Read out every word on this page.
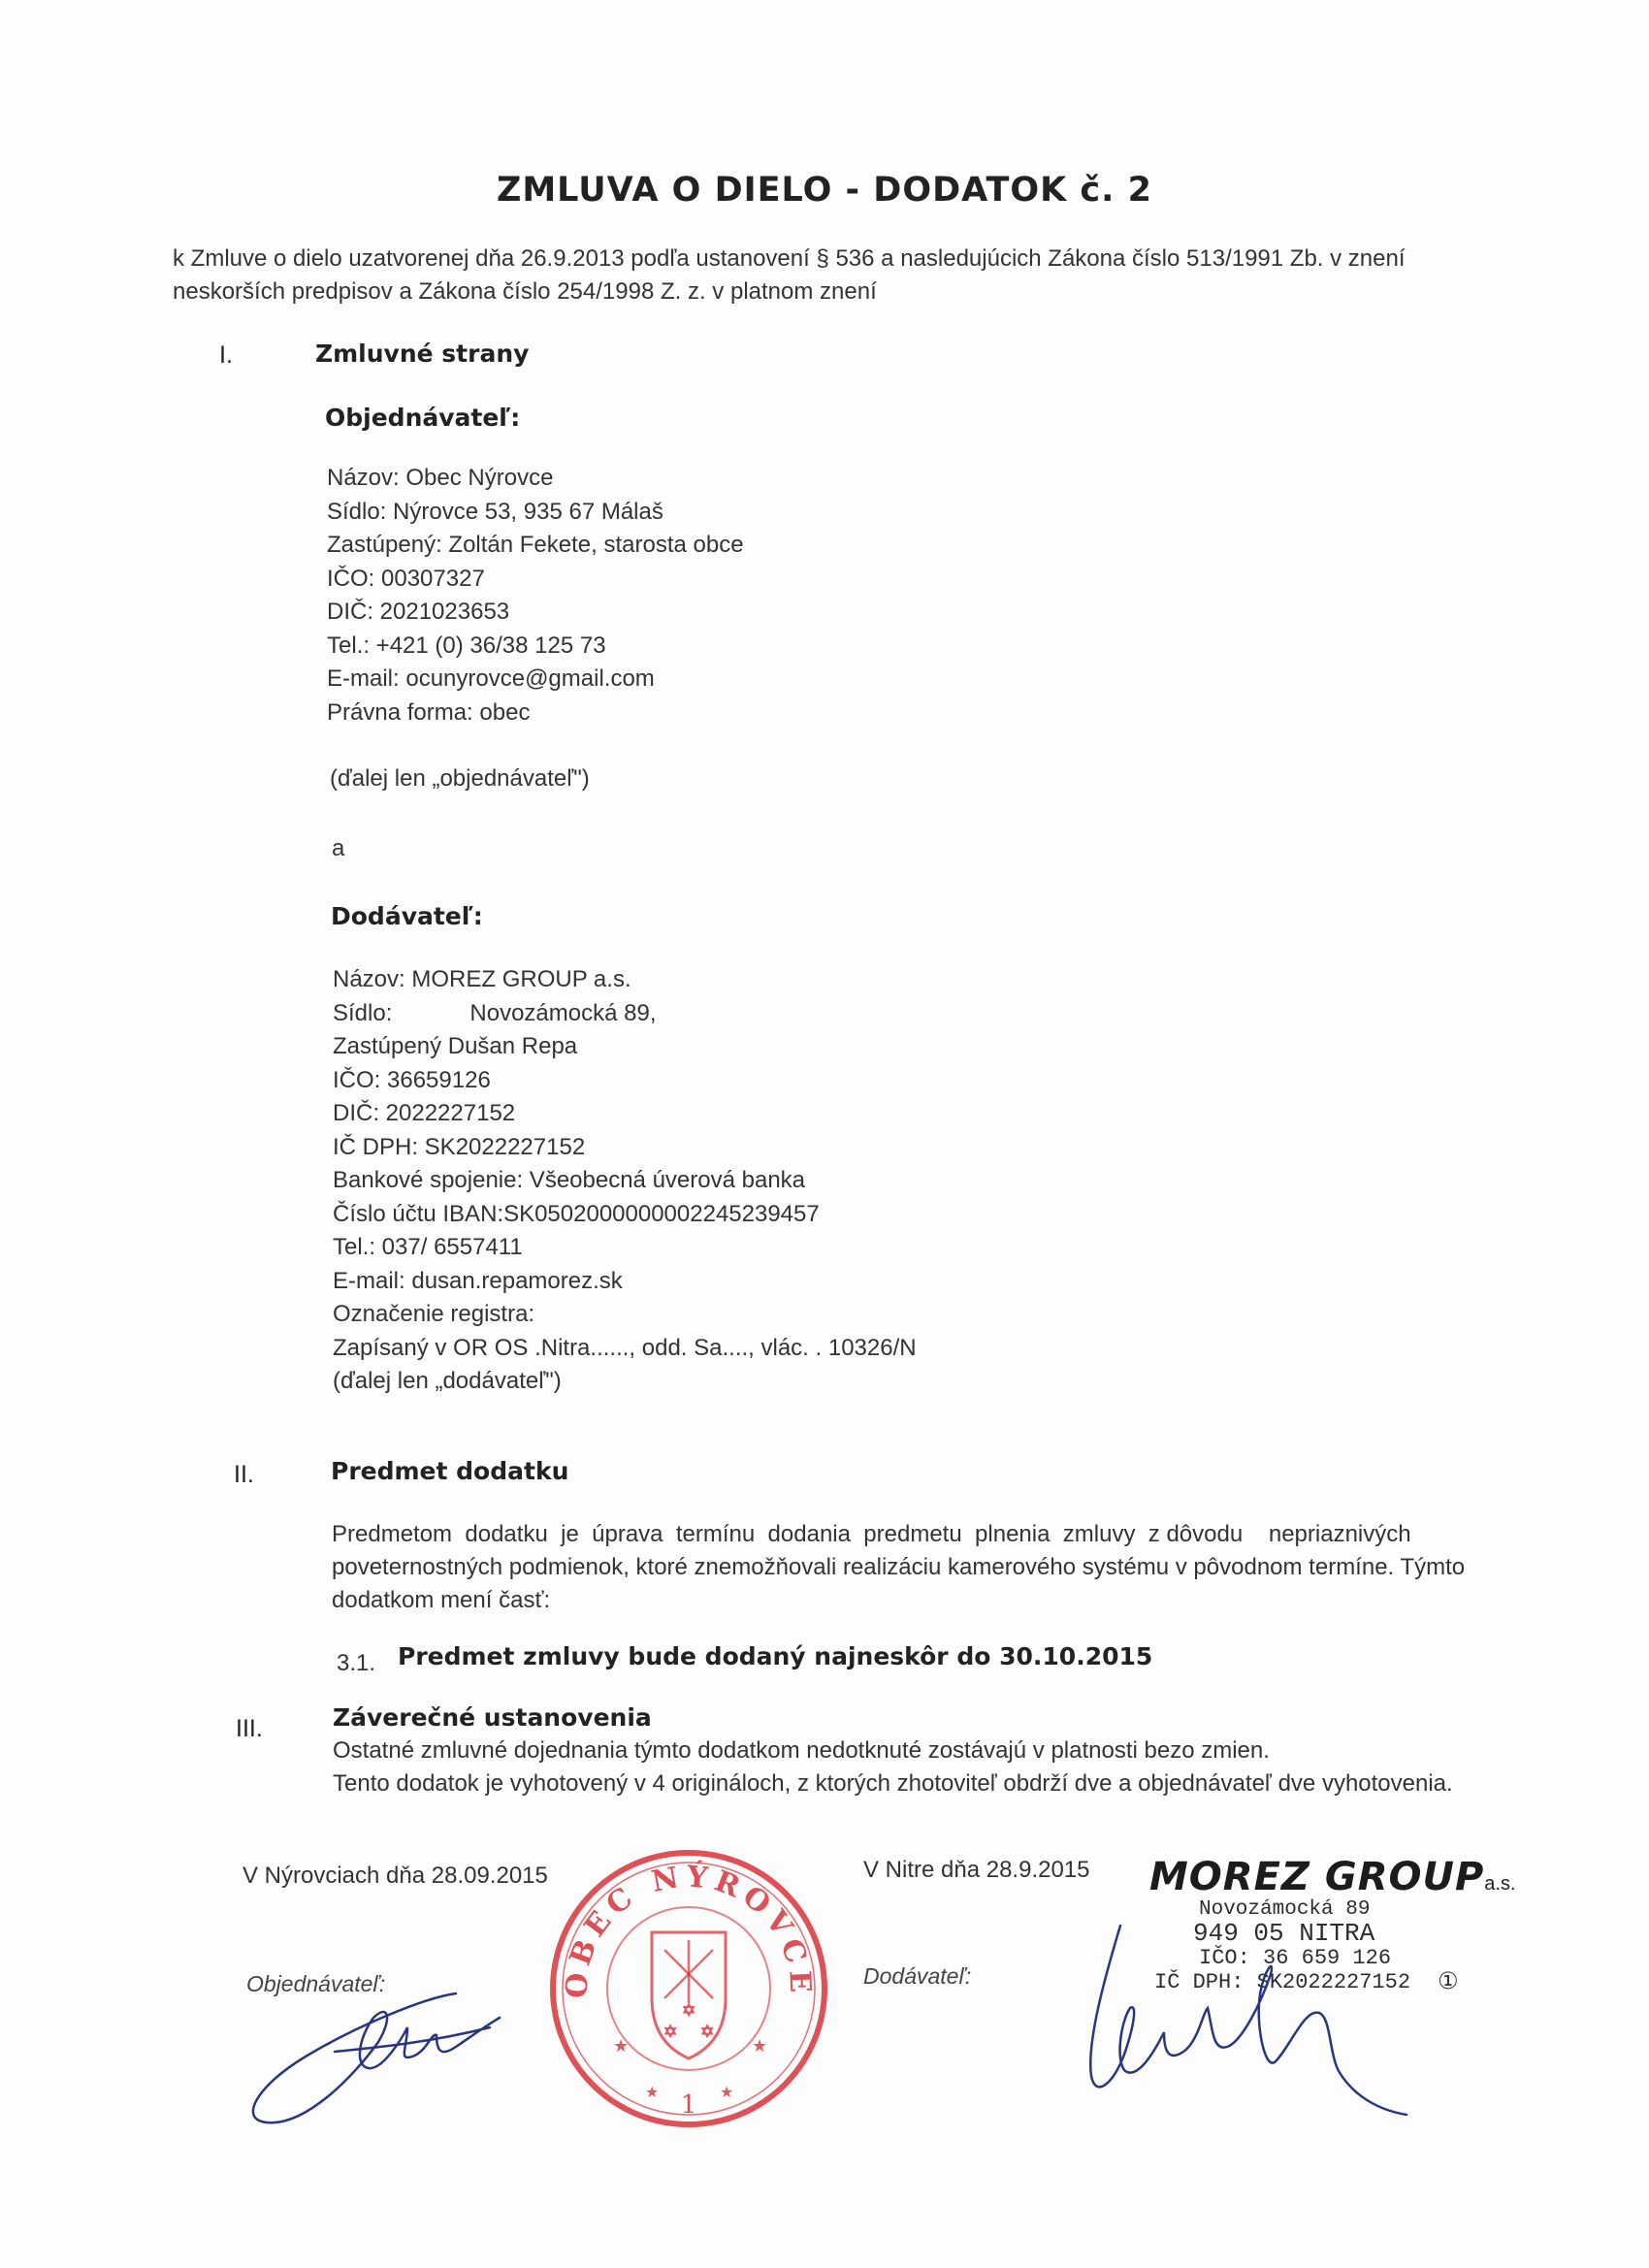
ZMLUVA O DIELO - DODATOK č. 2
k Zmluve o dielo uzatvorenej dňa 26.9.2013 podľa ustanovení § 536 a nasledujúcich Zákona číslo 513/1991 Zb. v znení
neskorších predpisov a Zákona číslo 254/1998 Z. z. v platnom znení
I.	Zmluvné strany
Objednávateľ:
Názov: Obec Nýrovce
Sídlo: Nýrovce 53, 935 67 Málaš
Zastúpený: Zoltán Fekete, starosta obce
IČO: 00307327
DIČ: 2021023653
Tel.: +421 (0) 36/38 125 73
E-mail: ocunyrovce@gmail.com
Právna forma: obec
(ďalej len „objednávateľ")
a
Dodávateľ:
Názov: MOREZ GROUP a.s.
Sídlo:            Novozámocká 89,
Zastúpený Dušan Repa
IČO: 36659126
DIČ: 2022227152
IČ DPH: SK2022227152
Bankové spojenie: Všeobecná úverová banka
Číslo účtu IBAN:SK0502000000002245239457
Tel.: 037/ 6557411
E-mail: dusan.repamorez.sk
Označenie registra:
Zapísaný v OR OS .Nitra......, odd. Sa...., vlác. . 10326/N
(ďalej len „dodávateľ")
II.	Predmet dodatku
Predmetom  dodatku  je  úprava  termínu  dodania  predmetu  plnenia  zmluvy  z dôvodu    nepriaznivých
poveternostných podmienok, ktoré znemožňovali realizáciu kamerového systému v pôvodnom termíne. Týmto
dodatkom mení časť:
3.1. Predmet zmluvy bude dodaný najneskôr do 30.10.2015
III.	Záverečné ustanovenia
Ostatné zmluvné dojednania týmto dodatkom nedotknuté zostávajú v platnosti bezo zmien.
Tento dodatok je vyhotovený v 4 origináloch, z ktorých zhotoviteľ obdrží dve a objednávateľ dve vyhotovenia.
V Nýrovciach dňa 28.09.2015
Objednávateľ:
V Nitre dňa 28.9.2015
Dodávateľ:
OBEC NÝROVCE
1
★	★
★	★
✡ ✡
✡
MOREZ GROUPa.s.
Novozámocká 89
949 05 NITRA
IČO: 36 659 126
IČ DPH: SK2022227152 ①
